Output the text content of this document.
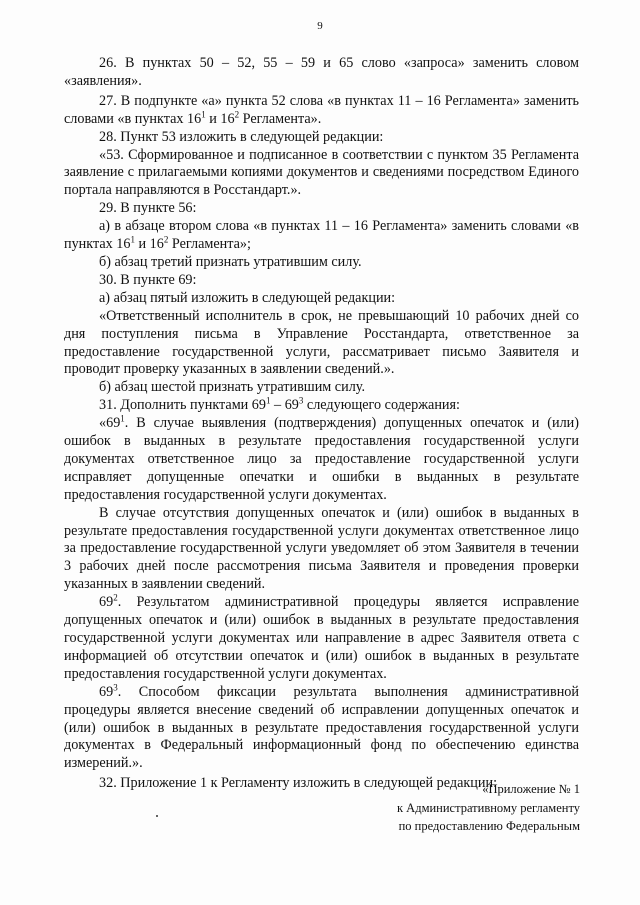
9

26. В пунктах 50 – 52, 55 – 59 и 65 слово «запроса» заменить словом «заявления».

27. В подпункте «а» пункта 52 слова «в пунктах 11 – 16 Регламента» заменить словами «в пунктах $16^1$ и $16^2$ Регламента».

28. Пункт 53 изложить в следующей редакции:

«53. Сформированное и подписанное в соответствии с пунктом 35 Регламента заявление с прилагаемыми копиями документов и сведениями посредством Единого портала направляются в Росстандарт.».

29. В пункте 56:

а) в абзаце втором слова «в пунктах 11 – 16 Регламента» заменить словами «в пунктах $16^1$ и $16^2$ Регламента»;

б) абзац третий признать утратившим силу.

30. В пункте 69:

а) абзац пятый изложить в следующей редакции:

«Ответственный исполнитель в срок, не превышающий 10 рабочих дней со дня поступления письма в Управление Росстандарта, ответственное за предоставление государственной услуги, рассматривает письмо Заявителя и проводит проверку указанных в заявлении сведений.».

б) абзац шестой признать утратившим силу.

31. Дополнить пунктами $69^1 - 69^3$ следующего содержания:

«$69^1$. В случае выявления (подтверждения) допущенных опечаток и (или) ошибок в выданных в результате предоставления государственной услуги документах ответственное лицо за предоставление государственной услуги исправляет допущенные опечатки и ошибки в выданных в результате предоставления государственной услуги документах.

В случае отсутствия допущенных опечаток и (или) ошибок в выданных в результате предоставления государственной услуги документах ответственное лицо за предоставление государственной услуги уведомляет об этом Заявителя в течении 3 рабочих дней после рассмотрения письма Заявителя и проведения проверки указанных в заявлении сведений.

$69^2$. Результатом административной процедуры является исправление допущенных опечаток и (или) ошибок в выданных в результате предоставления государственной услуги документах или направление в адрес Заявителя ответа с информацией об отсутствии опечаток и (или) ошибок в выданных в результате предоставления государственной услуги документах.

$69^3$. Способом фиксации результата выполнения административной процедуры является внесение сведений об исправлении допущенных опечаток и (или) ошибок в выданных в результате предоставления государственной услуги документах в Федеральный информационный фонд по обеспечению единства измерений.».

32. Приложение 1 к Регламенту изложить в следующей редакции:

«Приложение № 1
к Административному регламенту
по предоставлению Федеральным
